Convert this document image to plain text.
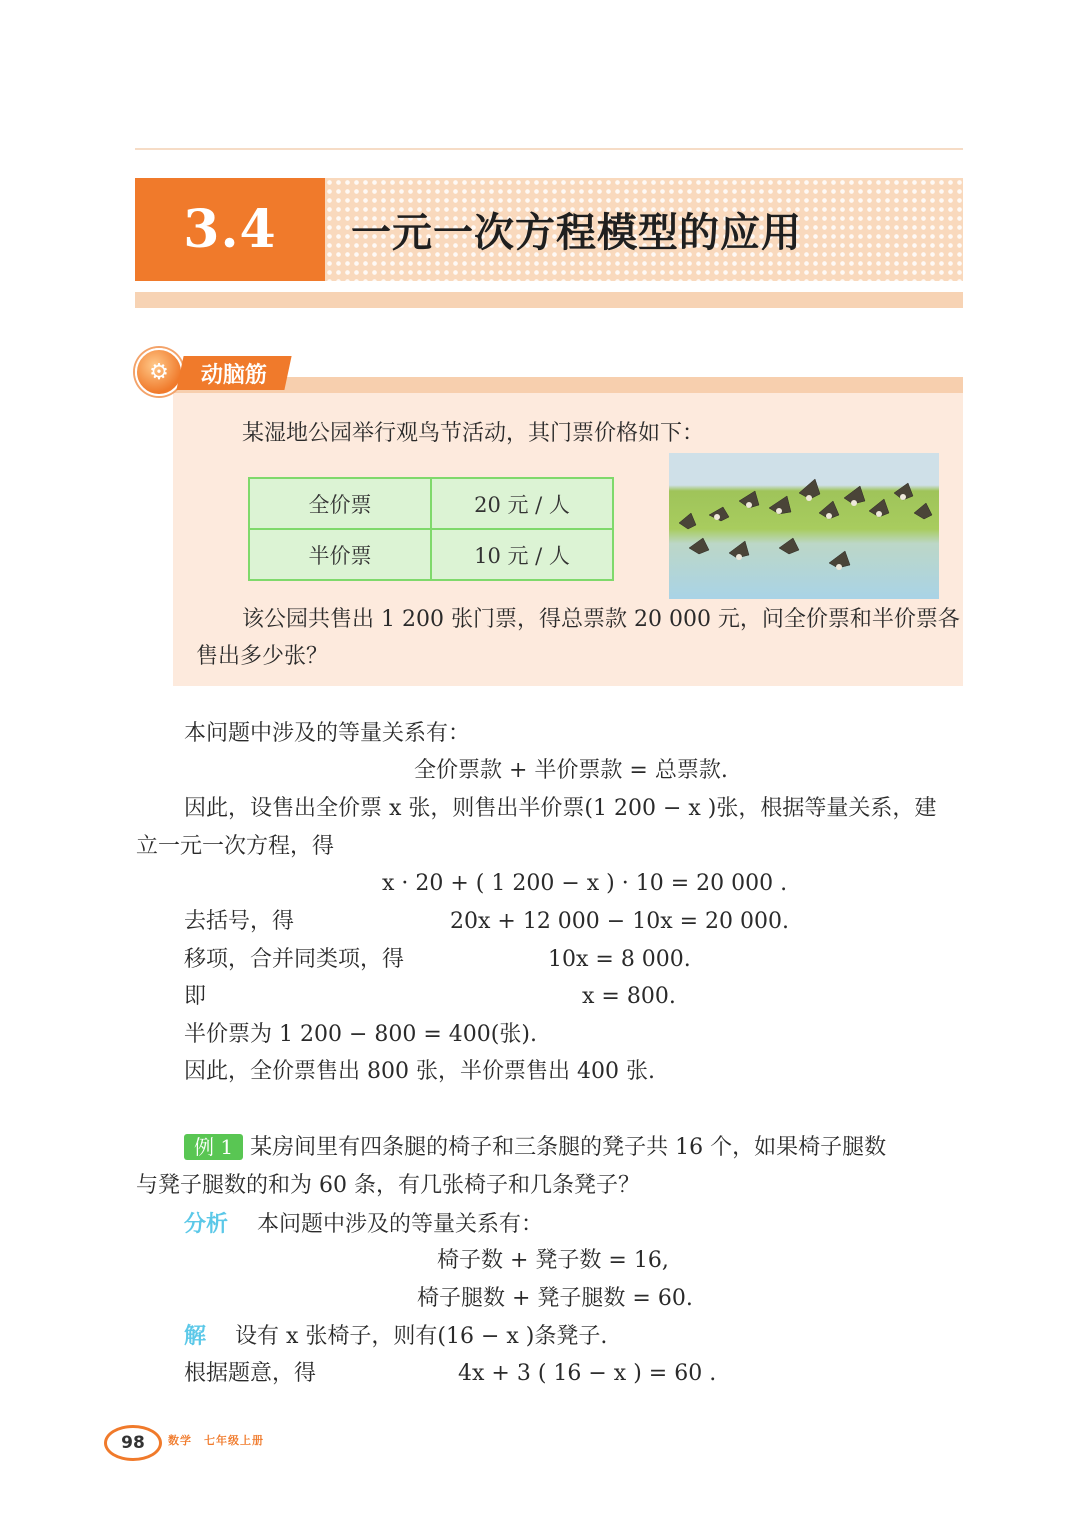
3.4	一元一次方程模型的应用
⚙	动脑筋
某湿地公园举行观鸟节活动，其门票价格如下：
全价票	20 元 / 人
半价票	10 元 / 人
该公园共售出 1 200 张门票，得总票款 20 000 元，问全价票和半价票各
售出多少张？
本问题中涉及的等量关系有：
全价票款 + 半价票款 = 总票款.
因此，设售出全价票 x 张，则售出半价票(1 200 − x )张，根据等量关系，建
立一元一次方程，得
x · 20 + ( 1 200 − x ) · 10 = 20 000 .
去括号，得	20x + 12 000 − 10x = 20 000.
移项，合并同类项，得	10x = 8 000.
即	x = 800.
半价票为 1 200 − 800 = 400(张).
因此，全价票售出 800 张，半价票售出 400 张.
例 1 某房间里有四条腿的椅子和三条腿的凳子共 16 个，如果椅子腿数
与凳子腿数的和为 60 条，有几张椅子和几条凳子？
分析 本问题中涉及的等量关系有：
椅子数 + 凳子数 = 16,
椅子腿数 + 凳子腿数 = 60.
解 设有 x 张椅子，则有(16 − x )条凳子.
根据题意，得	4x + 3 ( 16 − x ) = 60 .
98	数学　七年级上册
